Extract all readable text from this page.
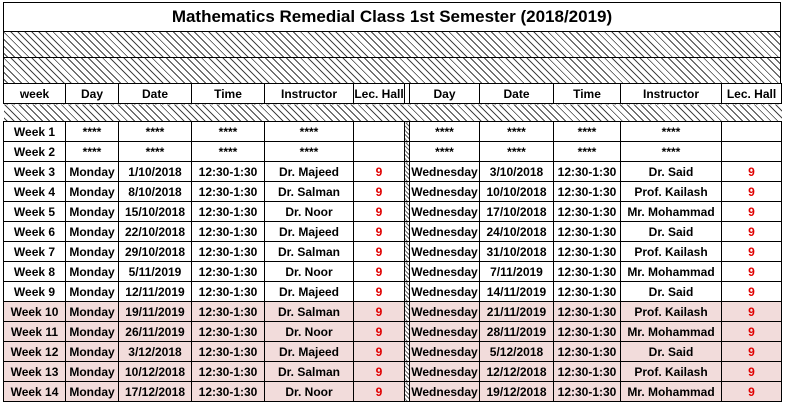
Mathematics Remedial Class 1st Semester (2018/2019)
week	Day	Date	Time	Instructor	Lec. Hall		Day	Date	Time	Instructor	Lec. Hall

Week 1	****	****	****	****			****	****	****	****	
Week 2	****	****	****	****			****	****	****	****	
Week 3	Monday	1/10/2018	12:30-1:30	Dr. Majeed	9		Wednesday	3/10/2018	12:30-1:30	Dr. Said	9
Week 4	Monday	8/10/2018	12:30-1:30	Dr. Salman	9		Wednesday	10/10/2018	12:30-1:30	Prof. Kailash	9
Week 5	Monday	15/10/2018	12:30-1:30	Dr. Noor	9		Wednesday	17/10/2018	12:30-1:30	Mr. Mohammad	9
Week 6	Monday	22/10/2018	12:30-1:30	Dr. Majeed	9		Wednesday	24/10/2018	12:30-1:30	Dr. Said	9
Week 7	Monday	29/10/2018	12:30-1:30	Dr. Salman	9		Wednesday	31/10/2018	12:30-1:30	Prof. Kailash	9
Week 8	Monday	5/11/2019	12:30-1:30	Dr. Noor	9		Wednesday	7/11/2019	12:30-1:30	Mr. Mohammad	9
Week 9	Monday	12/11/2019	12:30-1:30	Dr. Majeed	9		Wednesday	14/11/2019	12:30-1:30	Dr. Said	9
Week 10	Monday	19/11/2019	12:30-1:30	Dr. Salman	9		Wednesday	21/11/2019	12:30-1:30	Prof. Kailash	9
Week 11	Monday	26/11/2019	12:30-1:30	Dr. Noor	9		Wednesday	28/11/2019	12:30-1:30	Mr. Mohammad	9
Week 12	Monday	3/12/2018	12:30-1:30	Dr. Majeed	9		Wednesday	5/12/2018	12:30-1:30	Dr. Said	9
Week 13	Monday	10/12/2018	12:30-1:30	Dr. Salman	9		Wednesday	12/12/2018	12:30-1:30	Prof. Kailash	9
Week 14	Monday	17/12/2018	12:30-1:30	Dr. Noor	9		Wednesday	19/12/2018	12:30-1:30	Mr. Mohammad	9
